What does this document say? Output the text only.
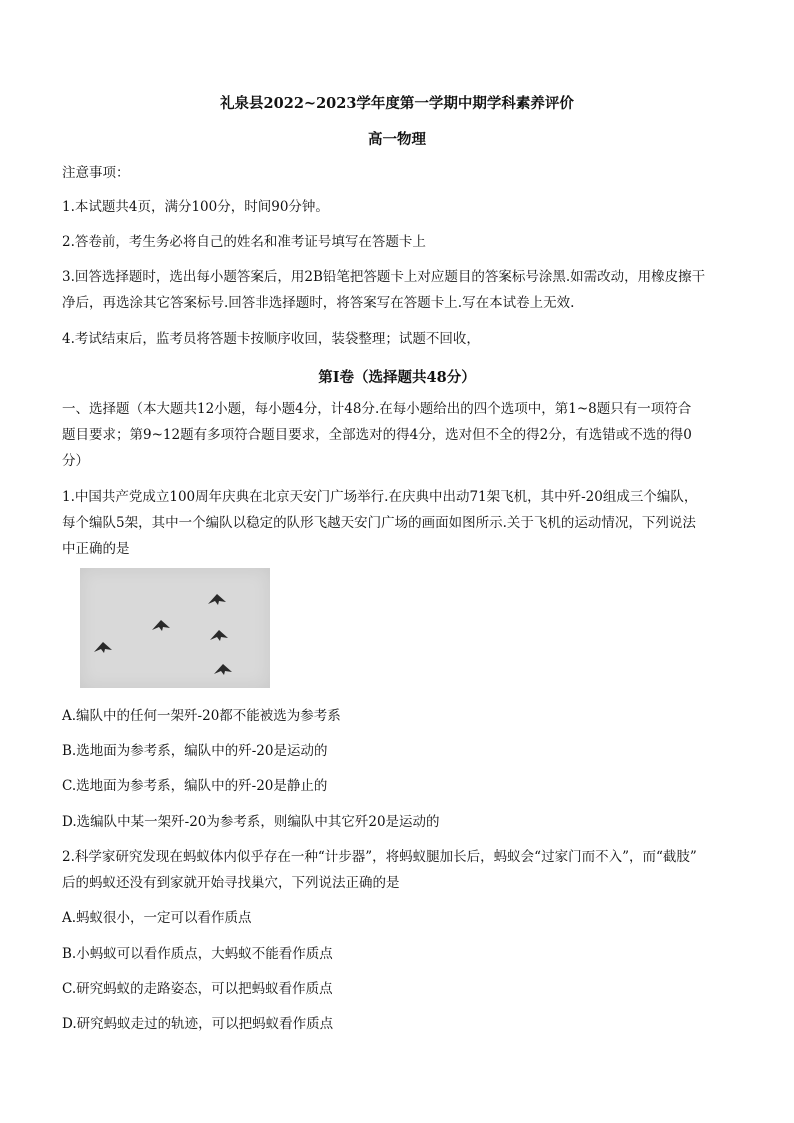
礼泉县2022~2023学年度第一学期中期学科素养评价
高一物理
注意事项：
1.本试题共4页，满分100分，时间90分钟。
2.答卷前，考生务必将自己的姓名和准考证号填写在答题卡上
3.回答选择题时，选出每小题答案后，用2B铅笔把答题卡上对应题目的答案标号涂黑.如需改动，用橡皮擦干
净后，再选涂其它答案标号.回答非选择题时，将答案写在答题卡上.写在本试卷上无效.
4.考试结束后，监考员将答题卡按顺序收回，装袋整理；试题不回收，
第I卷（选择题共48分）
一、选择题（本大题共12小题，每小题4分，计48分.在每小题给出的四个选项中，第1~8题只有一项符合
题目要求；第9~12题有多项符合题目要求，全部选对的得4分，选对但不全的得2分，有选错或不选的得0
分）
1.中国共产党成立100周年庆典在北京天安门广场举行.在庆典中出动71架飞机，其中歼-20组成三个编队，
每个编队5架，其中一个编队以稳定的队形飞越天安门广场的画面如图所示.关于飞机的运动情况，下列说法
中正确的是
A.编队中的任何一架歼-20都不能被选为参考系
B.选地面为参考系，编队中的歼-20是运动的
C.选地面为参考系，编队中的歼-20是静止的
D.选编队中某一架歼-20为参考系，则编队中其它歼20是运动的
2.科学家研究发现在蚂蚁体内似乎存在一种“计步器”，将蚂蚁腿加长后，蚂蚁会“过家门而不入”，而“截肢”
后的蚂蚁还没有到家就开始寻找巢穴，下列说法正确的是
A.蚂蚁很小，一定可以看作质点
B.小蚂蚁可以看作质点，大蚂蚁不能看作质点
C.研究蚂蚁的走路姿态，可以把蚂蚁看作质点
D.研究蚂蚁走过的轨迹，可以把蚂蚁看作质点
